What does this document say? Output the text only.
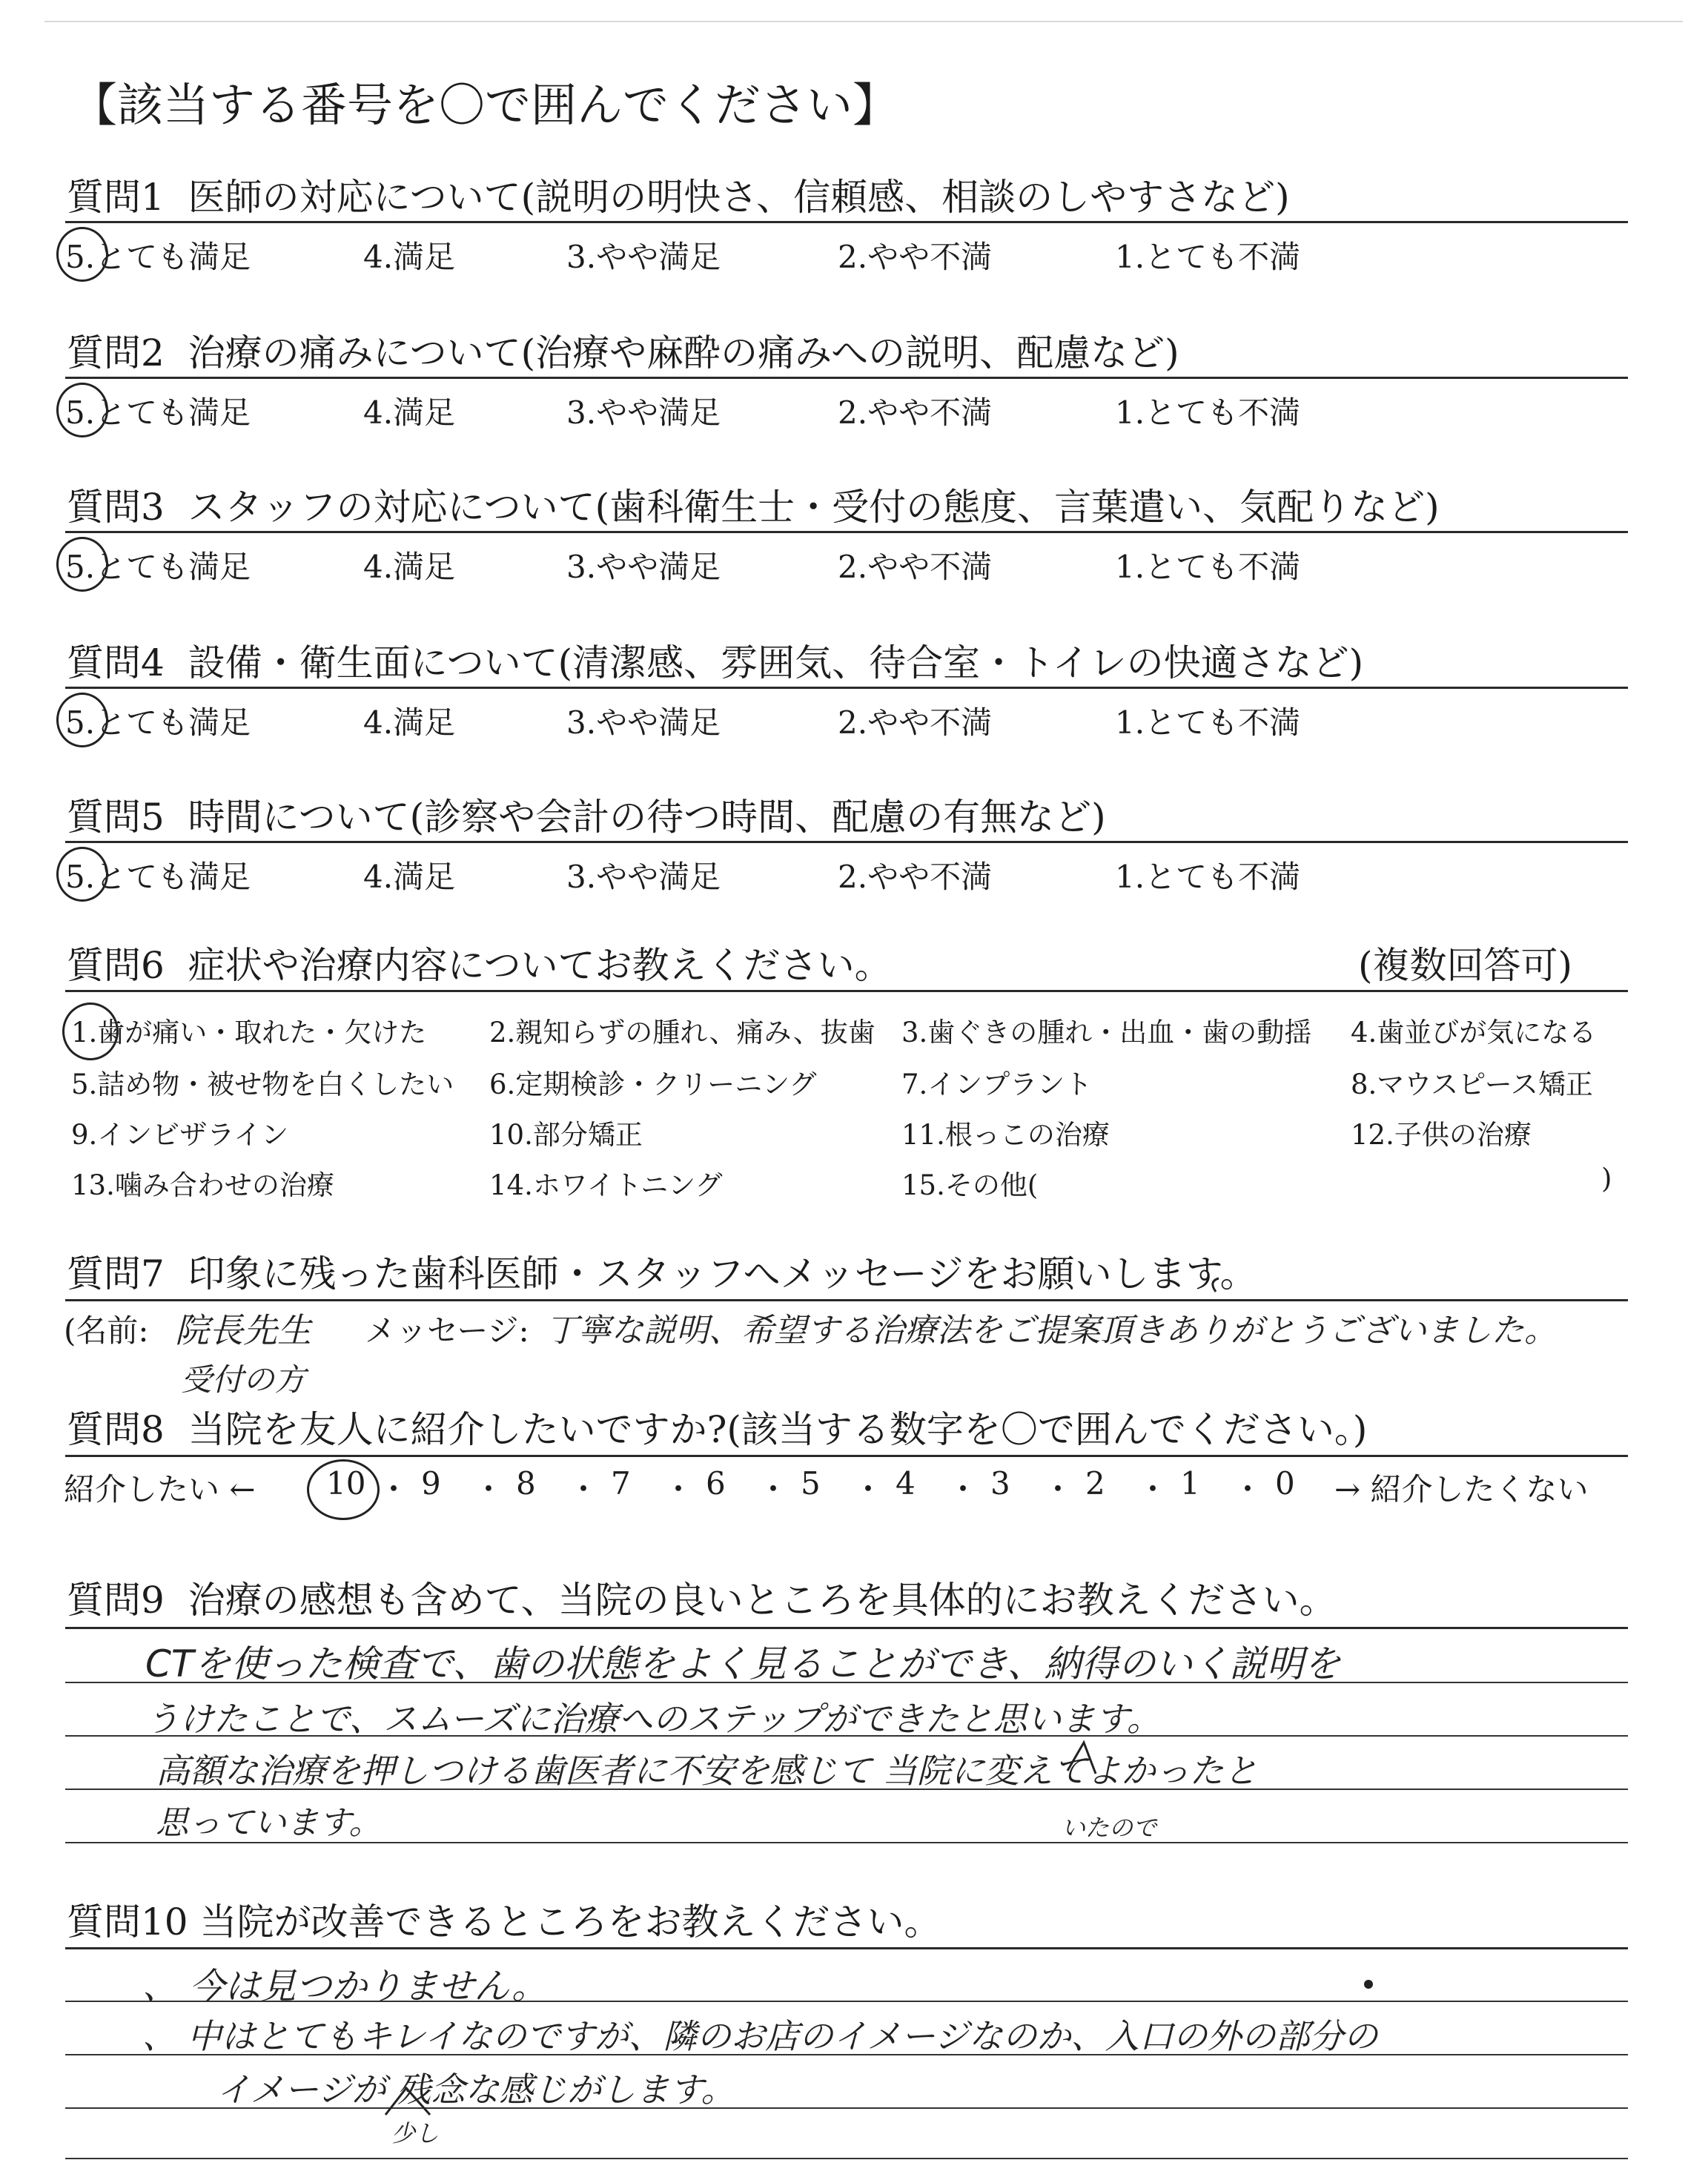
【該当する番号を〇で囲んでください】
質問1 医師の対応について(説明の明快さ、信頼感、相談のしやすさなど)
5.とても満足	4.満足	3.やや満足	2.やや不満	1.とても不満
質問2 治療の痛みについて(治療や麻酔の痛みへの説明、配慮など)
5.とても満足	4.満足	3.やや満足	2.やや不満	1.とても不満
質問3 スタッフの対応について(歯科衛生士・受付の態度、言葉遣い、気配りなど)
5.とても満足	4.満足	3.やや満足	2.やや不満	1.とても不満
質問4 設備・衛生面について(清潔感、雰囲気、待合室・トイレの快適さなど)
5.とても満足	4.満足	3.やや満足	2.やや不満	1.とても不満
質問5 時間について(診察や会計の待つ時間、配慮の有無など)
5.とても満足	4.満足	3.やや満足	2.やや不満	1.とても不満
質問6 症状や治療内容についてお教えください。	(複数回答可)
1.歯が痛い・取れた・欠けた 2.親知らずの腫れ、痛み、抜歯 3.歯ぐきの腫れ・出血・歯の動揺 4.歯並びが気になる
5.詰め物・被せ物を白くしたい 6.定期検診・クリーニング	7.インプラント	8.マウスピース矯正
9.インビザライン	10.部分矯正	11.根っこの治療	12.子供の治療
13.噛み合わせの治療	14.ホワイトニング	15.その他(	)
質問7 印象に残った歯科医師・スタッフへメッセージをお願いします。
(名前: 院長先生
受付の方
メッセージ: 丁寧な説明、希望する治療法をご提案頂きありがとうございました。
質問8 当院を友人に紹介したいですか?(該当する数字を〇で囲んでください。)
紹介したい ← 10 ・ 9 ・ 8 ・ 7 ・ 6 ・ 5 ・ 4 ・ 3 ・ 2 ・ 1 ・ 0 → 紹介したくない
質問9 治療の感想も含めて、当院の良いところを具体的にお教えください。
CTを使った検査で、歯の状態をよく見ることができ、納得のいく説明を
うけたことで、スムーズに治療へのステップができたと思います。
高額な治療を押しつける歯医者に不安を感じて 当院に変えてよかったと
思っています。	いたので
質問10 当院が改善できるところをお教えください。
、 今は見つかりません。
、 中はとてもキレイなのですが、隣のお店のイメージなのか、入口の外の部分の
イメージが 残念な感じがします。
少し
